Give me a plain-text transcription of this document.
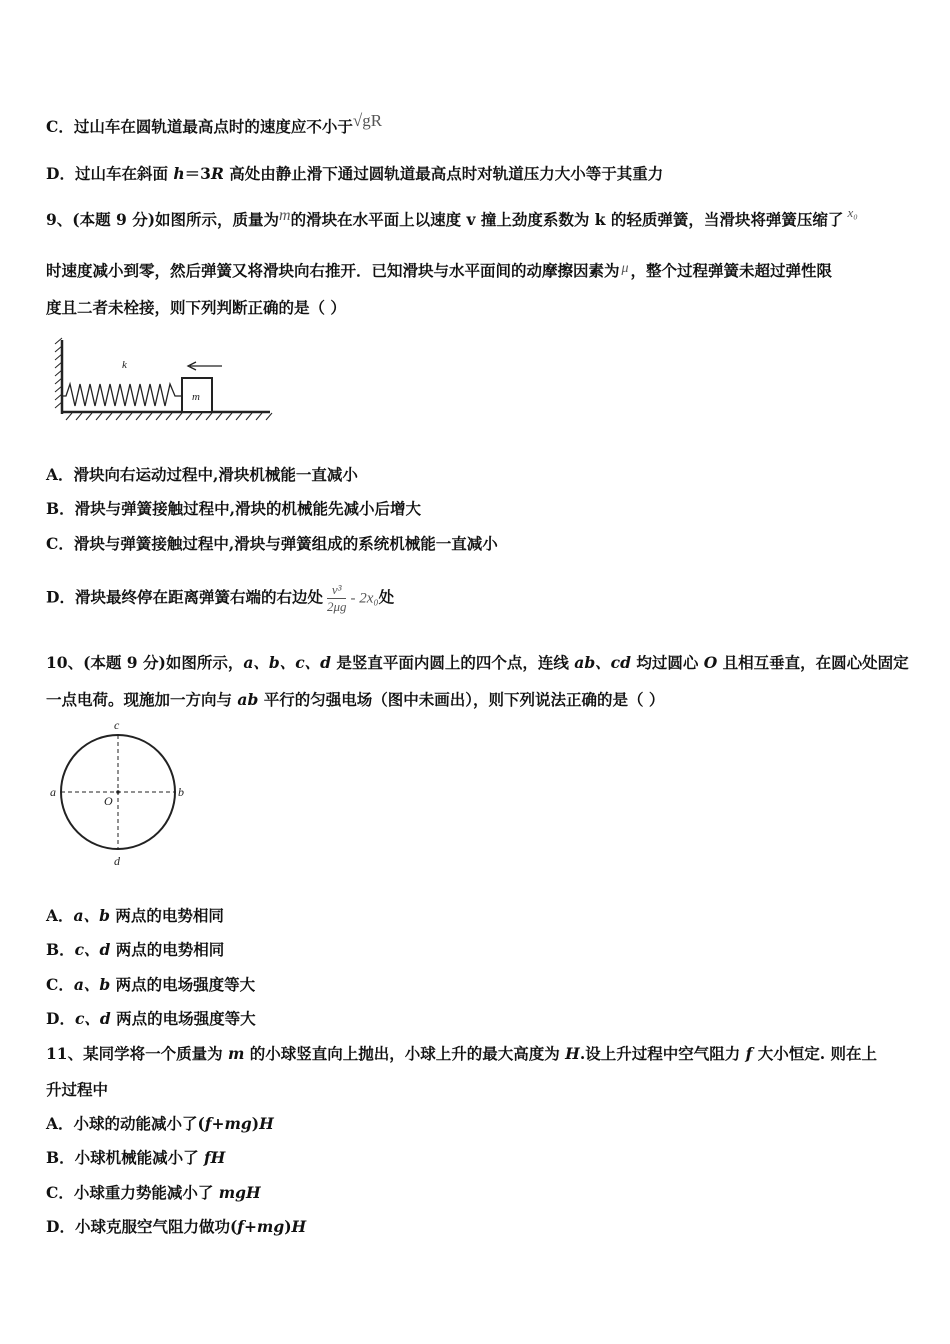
C．过山车在圆轨道最高点时的速度应不小于√gR
D．过山车在斜面 h＝3R 高处由静止滑下通过圆轨道最高点时对轨道压力大小等于其重力
9、(本题 9 分)如图所示，质量为m的滑块在水平面上以速度 v 撞上劲度系数为 k 的轻质弹簧，当滑块将弹簧压缩了 $^{x_0}$
时速度减小到零，然后弹簧又将滑块向右推开．已知滑块与水平面间的动摩擦因素为 μ ，整个过程弹簧未超过弹性限
度且二者未栓接，则下列判断正确的是（ ）
m
k
A．滑块向右运动过程中,滑块机械能一直减小
B．滑块与弹簧接触过程中,滑块的机械能先减小后增大
C．滑块与弹簧接触过程中,滑块与弹簧组成的系统机械能一直减小
D．滑块最终停在距离弹簧右端的右边处 $\frac{\text{v³}}{2\mu g} - 2x_0$处
10、(本题 9 分)如图所示，a、b、c、d 是竖直平面内圆上的四个点，连线 ab、cd 均过圆心 O 且相互垂直，在圆心处固定
一点电荷。现施加一方向与 ab 平行的匀强电场（图中未画出），则下列说法正确的是（ ）
a	b
c
d
O
A．a、b 两点的电势相同
B．c、d 两点的电势相同
C．a、b 两点的电场强度等大
D．c、d 两点的电场强度等大
11、某同学将一个质量为 m 的小球竖直向上抛出，小球上升的最大高度为 H.设上升过程中空气阻力 f 大小恒定. 则在上
升过程中
A．小球的动能减小了(f+mg)H
B．小球机械能减小了 fH
C．小球重力势能减小了 mgH
D．小球克服空气阻力做功(f+mg)H
